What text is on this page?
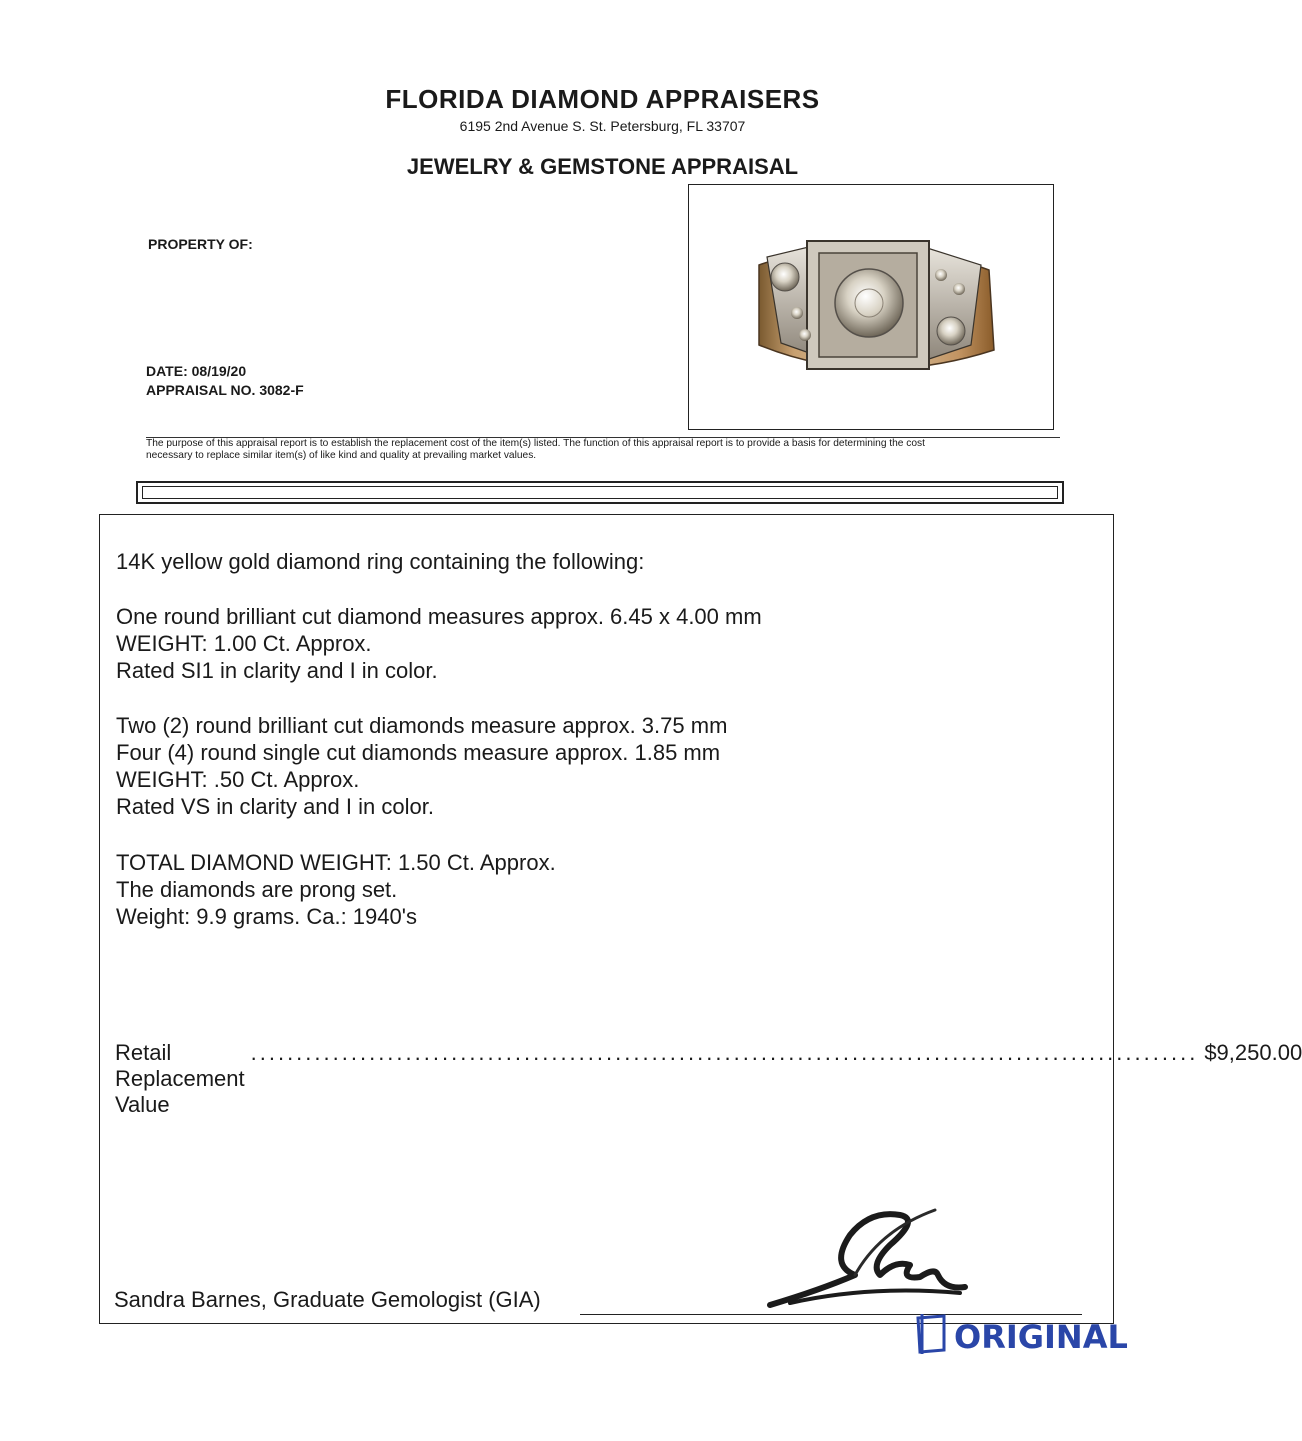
FLORIDA DIAMOND APPRAISERS
6195 2nd Avenue S. St. Petersburg, FL 33707
JEWELRY & GEMSTONE APPRAISAL
PROPERTY OF:
DATE: 08/19/20
APPRAISAL NO. 3082-F
The purpose of this appraisal report is to establish the replacement cost of the item(s) listed. The function of this appraisal report is to provide a basis for determining the cost
necessary to replace similar item(s) of like kind and quality at prevailing market values.

14K yellow gold diamond ring containing the following:

One round brilliant cut diamond measures approx. 6.45 x 4.00 mm

WEIGHT: 1.00 Ct. Approx.

Rated SI1 in clarity and I in color.

Two (2) round brilliant cut diamonds measure approx. 3.75 mm

Four (4) round single cut diamonds measure approx. 1.85 mm

WEIGHT: .50 Ct. Approx.

Rated VS in clarity and I in color.

TOTAL DIAMOND WEIGHT: 1.50 Ct. Approx.

The diamonds are prong set.

Weight: 9.9 grams. Ca.: 1940's

Retail Replacement Value
........................................................................................................ $9,250.00
Sandra Barnes, Graduate Gemologist (GIA)
ORIGINAL
